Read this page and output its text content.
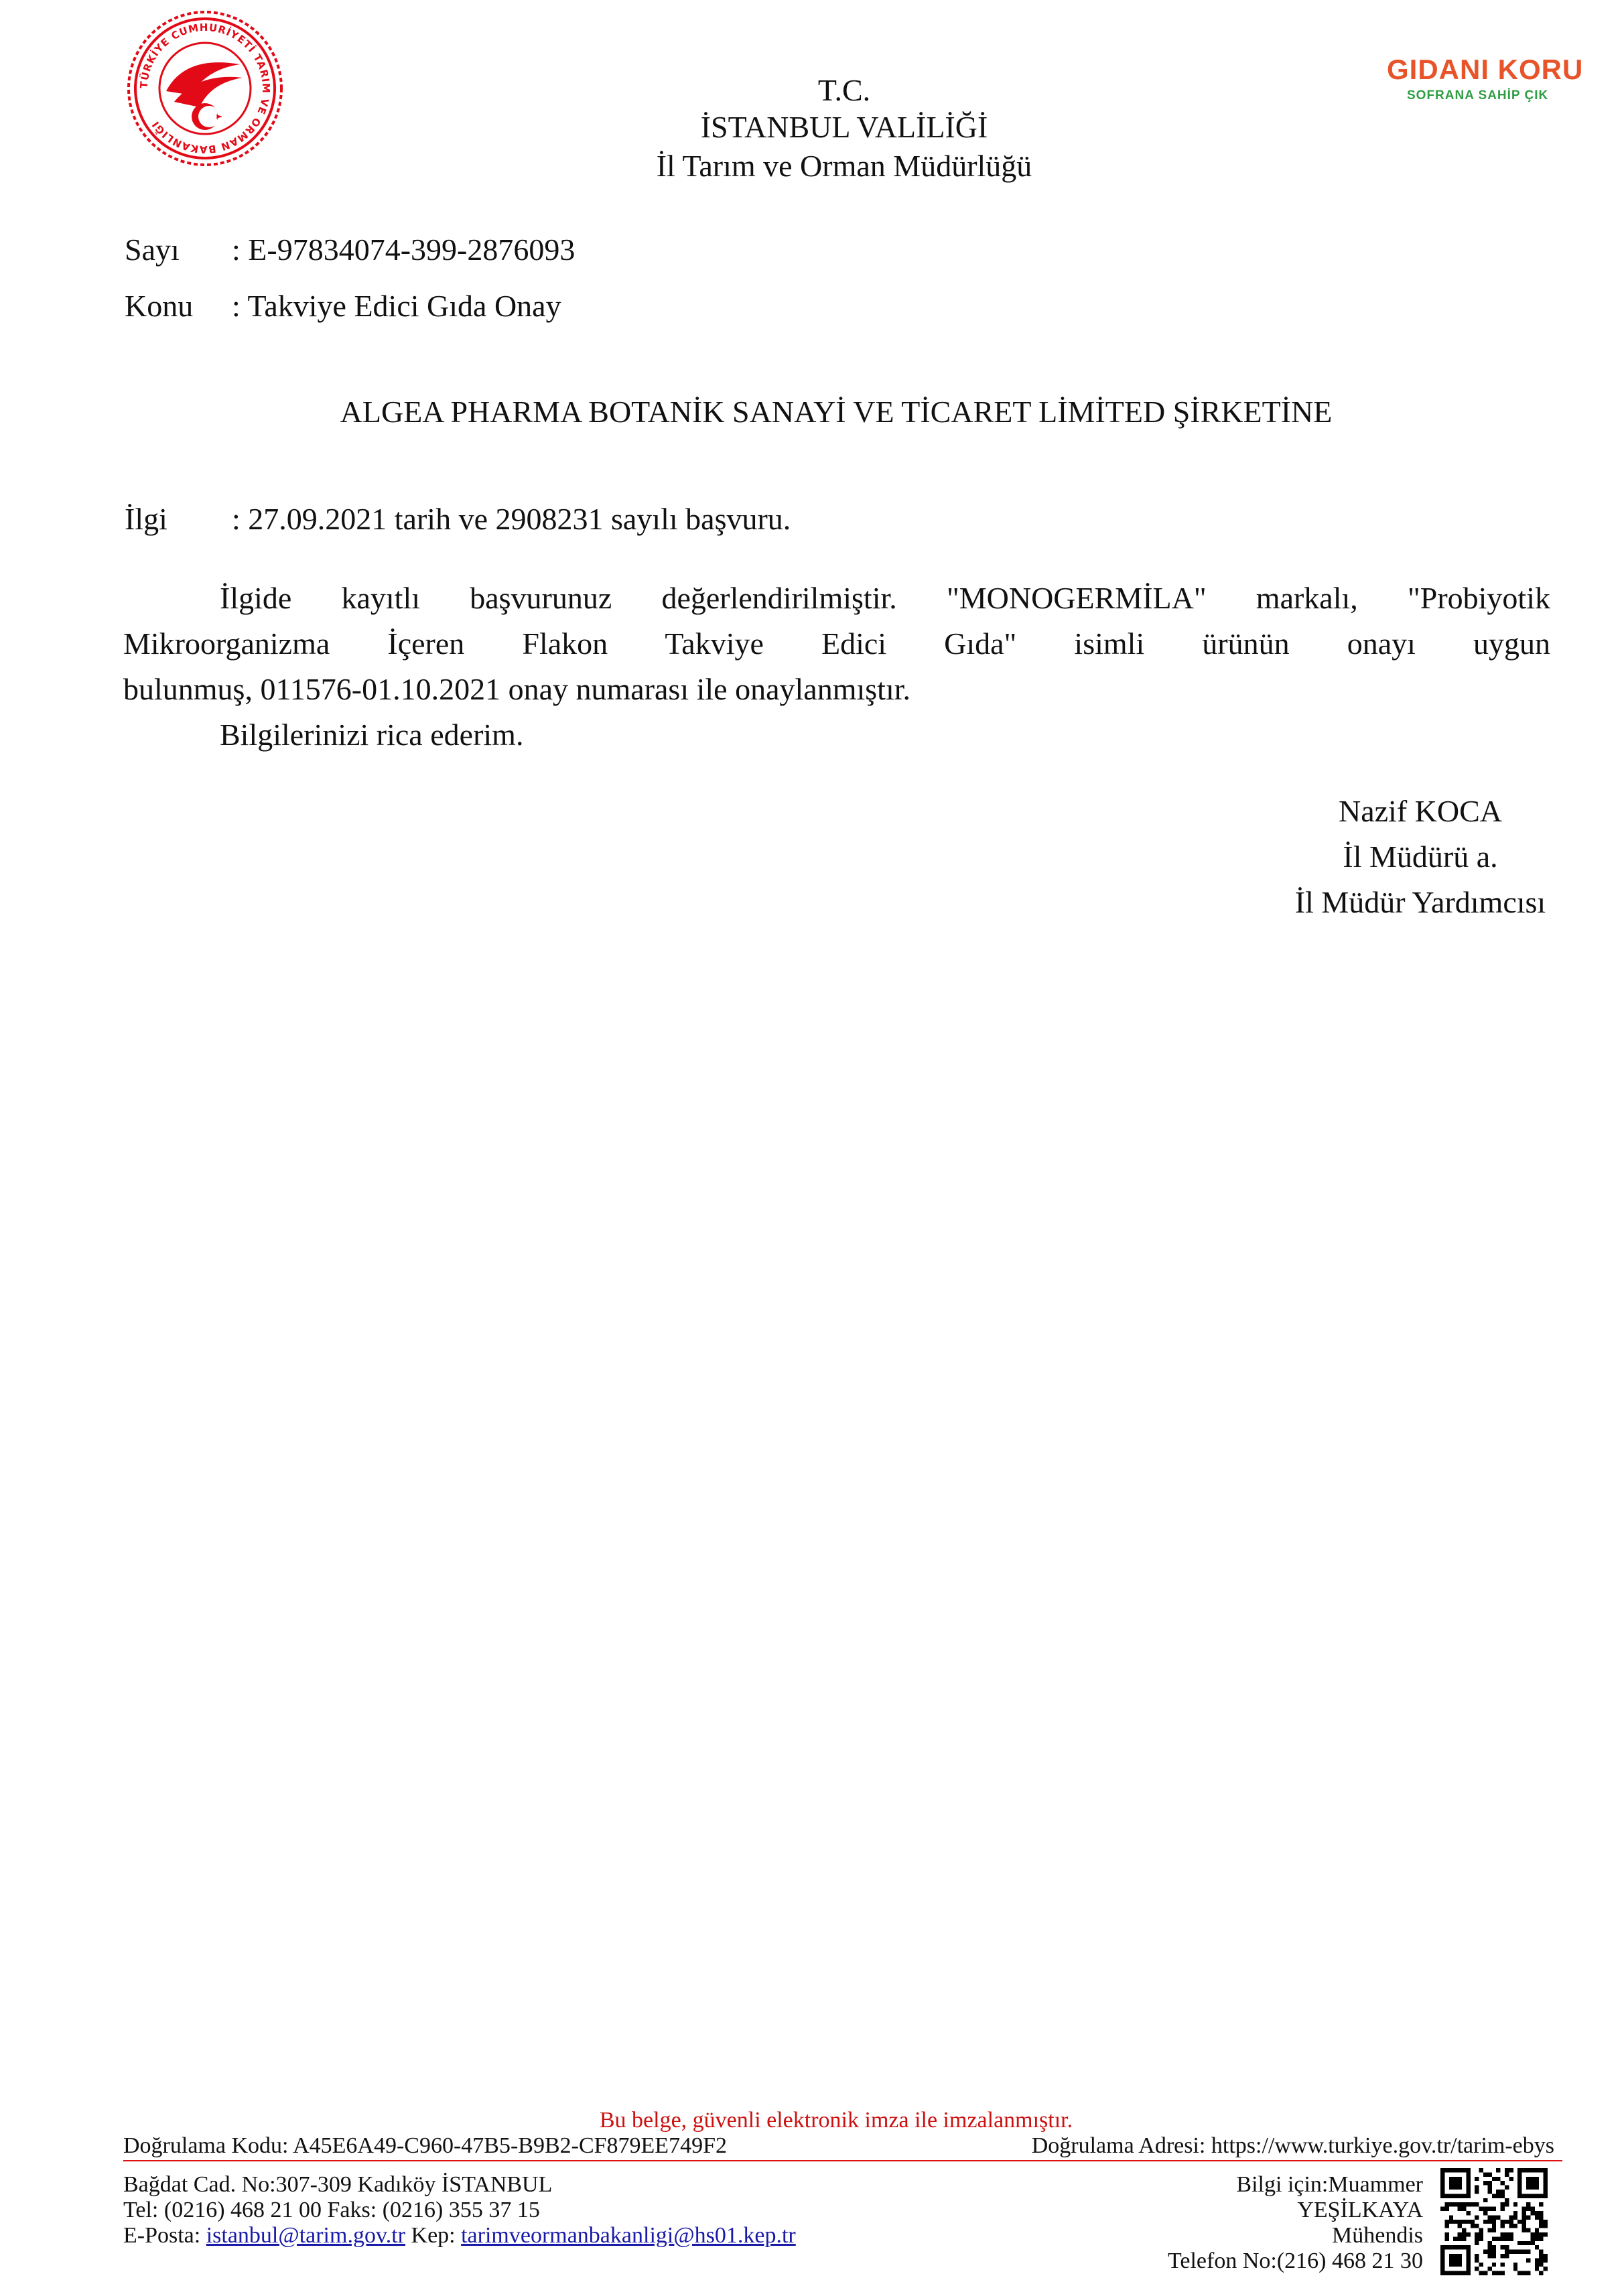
TÜRKİYE CUMHURİYETİ TARIM VE ORMAN BAKANLIĞI
GIDANI KORU
SOFRANA SAHİP ÇIK
T.C.
İSTANBUL VALİLİĞİ
İl Tarım ve Orman Müdürlüğü
Sayı : E-97834074-399-2876093
Konu : Takviye Edici Gıda Onay
ALGEA PHARMA BOTANİK SANAYİ VE TİCARET LİMİTED ŞİRKETİNE
İlgi : 27.09.2021 tarih ve 2908231 sayılı başvuru.
İlgide kayıtlı başvurunuz değerlendirilmiştir. "MONOGERMİLA" markalı, "Probiyotik
Mikroorganizma İçeren Flakon Takviye Edici Gıda" isimli ürünün onayı uygun
bulunmuş, 011576-01.10.2021 onay numarası ile onaylanmıştır.
Bilgilerinizi rica ederim.
Nazif KOCA
İl Müdürü a.
İl Müdür Yardımcısı
Bu belge, güvenli elektronik imza ile imzalanmıştır.
Doğrulama Kodu: A45E6A49-C960-47B5-B9B2-CF879EE749F2	Doğrulama Adresi: https://www.turkiye.gov.tr/tarim-ebys
Bağdat Cad. No:307-309 Kadıköy İSTANBUL
Tel: (0216) 468 21 00 Faks: (0216) 355 37 15
E-Posta: istanbul@tarim.gov.tr Kep: tarimveormanbakanligi@hs01.kep.tr
Bilgi için:Muammer
YEŞİLKAYA
Mühendis
Telefon No:(216) 468 21 30
